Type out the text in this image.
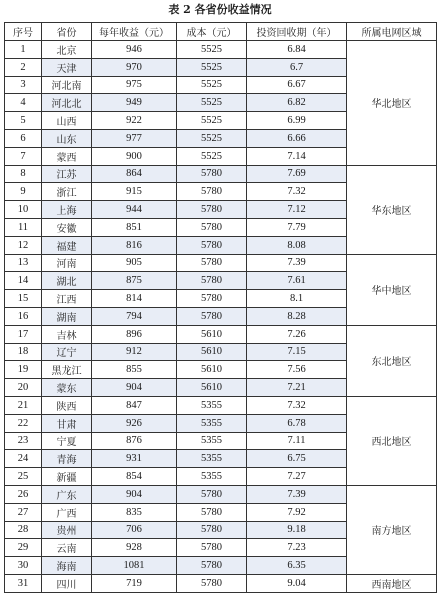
表 2 各省份收益情况
序号	省份	每年收益（元）	成本（元）	投资回收期（年）	所属电网区域
1	北京	946	5525	6.84	华北地区
2	天津	970	5525	6.7	
3	河北南	975	5525	6.67	
4	河北北	949	5525	6.82	
5	山西	922	5525	6.99	
6	山东	977	5525	6.66	
7	蒙西	900	5525	7.14	
8	江苏	864	5780	7.69	华东地区
9	浙江	915	5780	7.32	
10	上海	944	5780	7.12	
11	安徽	851	5780	7.79	
12	福建	816	5780	8.08	
13	河南	905	5780	7.39	华中地区
14	湖北	875	5780	7.61	
15	江西	814	5780	8.1	
16	湖南	794	5780	8.28	
17	吉林	896	5610	7.26	东北地区
18	辽宁	912	5610	7.15	
19	黑龙江	855	5610	7.56	
20	蒙东	904	5610	7.21	
21	陕西	847	5355	7.32	西北地区
22	甘肃	926	5355	6.78	
23	宁夏	876	5355	7.11	
24	青海	931	5355	6.75	
25	新疆	854	5355	7.27	
26	广东	904	5780	7.39	南方地区
27	广西	835	5780	7.92	
28	贵州	706	5780	9.18	
29	云南	928	5780	7.23	
30	海南	1081	5780	6.35	
31	四川	719	5780	9.04	西南地区
